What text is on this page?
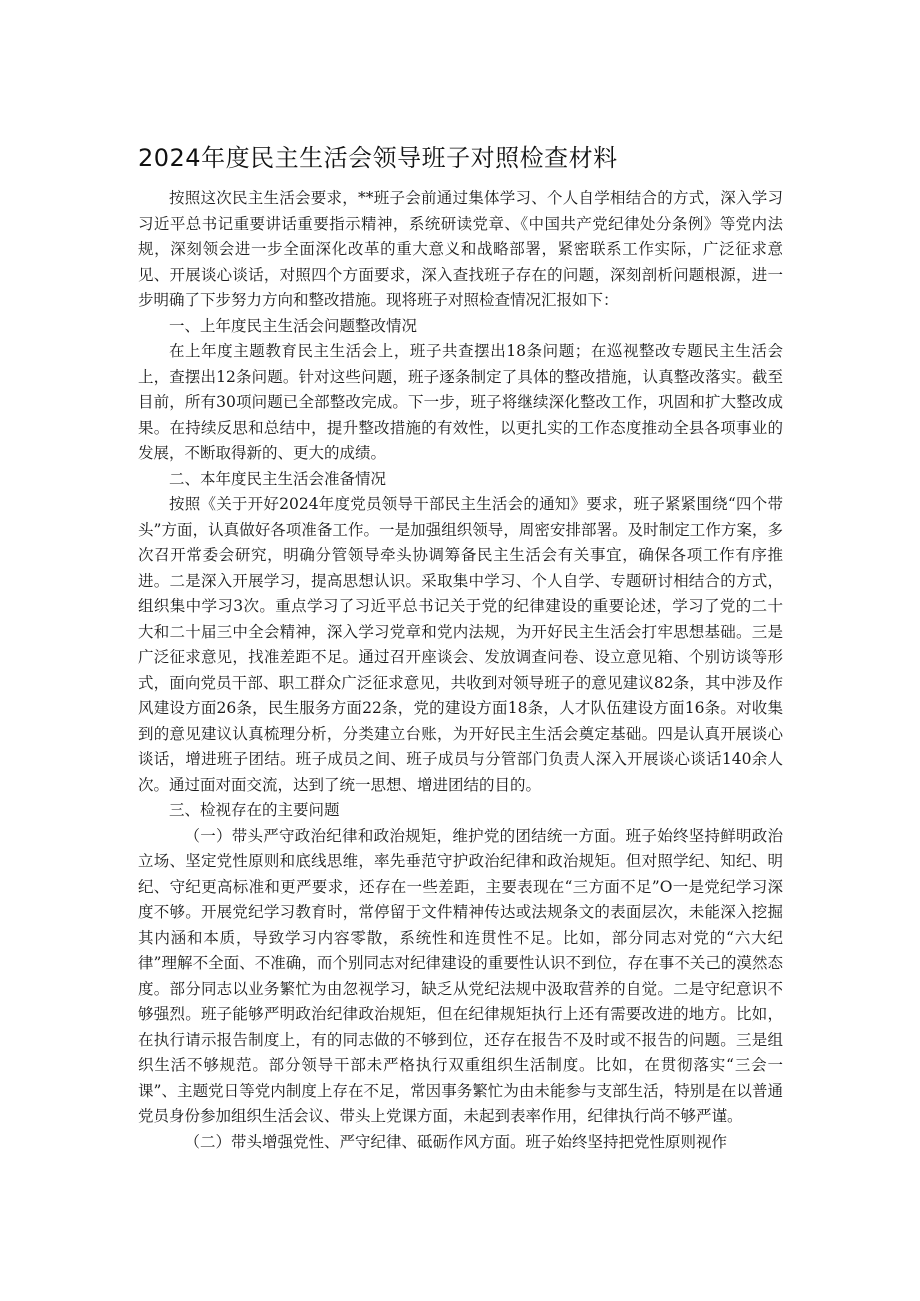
2024年度民主生活会领导班子对照检查材料

按照这次民主生活会要求，**班子会前通过集体学习、个人自学相结合的方式，深入学习习近平总书记重要讲话重要指示精神，系统研读党章、《中国共产党纪律处分条例》等党内法规，深刻领会进一步全面深化改革的重大意义和战略部署，紧密联系工作实际，广泛征求意见、开展谈心谈话，对照四个方面要求，深入查找班子存在的问题，深刻剖析问题根源，进一步明确了下步努力方向和整改措施。现将班子对照检查情况汇报如下：

一、上年度民主生活会问题整改情况

在上年度主题教育民主生活会上，班子共查摆出18条问题；在巡视整改专题民主生活会上，查摆出12条问题。针对这些问题，班子逐条制定了具体的整改措施，认真整改落实。截至目前，所有30项问题已全部整改完成。下一步，班子将继续深化整改工作，巩固和扩大整改成果。在持续反思和总结中，提升整改措施的有效性，以更扎实的工作态度推动全县各项事业的发展，不断取得新的、更大的成绩。

二、本年度民主生活会准备情况

按照《关于开好2024年度党员领导干部民主生活会的通知》要求，班子紧紧围绕“四个带头”方面，认真做好各项准备工作。一是加强组织领导，周密安排部署。及时制定工作方案，多次召开常委会研究，明确分管领导牵头协调筹备民主生活会有关事宜，确保各项工作有序推进。二是深入开展学习，提高思想认识。采取集中学习、个人自学、专题研讨相结合的方式，组织集中学习3次。重点学习了习近平总书记关于党的纪律建设的重要论述，学习了党的二十大和二十届三中全会精神，深入学习党章和党内法规，为开好民主生活会打牢思想基础。三是广泛征求意见，找准差距不足。通过召开座谈会、发放调查问卷、设立意见箱、个别访谈等形式，面向党员干部、职工群众广泛征求意见，共收到对领导班子的意见建议82条，其中涉及作风建设方面26条，民生服务方面22条，党的建设方面18条，人才队伍建设方面16条。对收集到的意见建议认真梳理分析，分类建立台账，为开好民主生活会奠定基础。四是认真开展谈心谈话，增进班子团结。班子成员之间、班子成员与分管部门负责人深入开展谈心谈话140余人次。通过面对面交流，达到了统一思想、增进团结的目的。

三、检视存在的主要问题

（一）带头严守政治纪律和政治规矩，维护党的团结统一方面。班子始终坚持鲜明政治立场、坚定党性原则和底线思维，率先垂范守护政治纪律和政治规矩。但对照学纪、知纪、明纪、守纪更高标准和更严要求，还存在一些差距，主要表现在“三方面不足”O一是党纪学习深度不够。开展党纪学习教育时，常停留于文件精神传达或法规条文的表面层次，未能深入挖掘其内涵和本质，导致学习内容零散，系统性和连贯性不足。比如，部分同志对党的“六大纪律”理解不全面、不准确，而个别同志对纪律建设的重要性认识不到位，存在事不关己的漠然态度。部分同志以业务繁忙为由忽视学习，缺乏从党纪法规中汲取营养的自觉。二是守纪意识不够强烈。班子能够严明政治纪律政治规矩，但在纪律规矩执行上还有需要改进的地方。比如，在执行请示报告制度上，有的同志做的不够到位，还存在报告不及时或不报告的问题。三是组织生活不够规范。部分领导干部未严格执行双重组织生活制度。比如，在贯彻落实“三会一课”、主题党日等党内制度上存在不足，常因事务繁忙为由未能参与支部生活，特别是在以普通党员身份参加组织生活会议、带头上党课方面，未起到表率作用，纪律执行尚不够严谨。

（二）带头增强党性、严守纪律、砥砺作风方面。班子始终坚持把党性原则视作
